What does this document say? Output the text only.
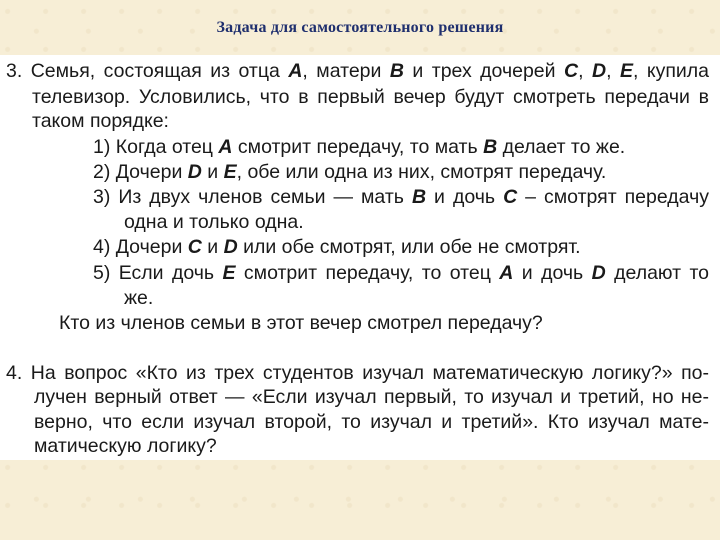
Задача для самостоятельного решения
3. Семья, состоящая из отца A, матери B и трех дочерей C, D, E, купила
телевизор. Условились, что в первый вечер будут смотреть передачи в
таком порядке:
1) Когда отец A смотрит передачу, то мать B делает то же.
2) Дочери D и E, обе или одна из них, смотрят передачу.
3) Из двух членов семьи — мать B и дочь C – смотрят передачу
одна и только одна.
4) Дочери C и D или обе смотрят, или обе не смотрят.
5) Если дочь E смотрит передачу, то отец A и дочь D делают то
же.
Кто из членов семьи в этот вечер смотрел передачу?
4. На вопрос «Кто из трех студентов изучал математическую логику?» по-
лучен верный ответ — «Если изучал первый, то изучал и третий, но не-
верно, что если изучал второй, то изучал и третий». Кто изучал мате-
матическую логику?
